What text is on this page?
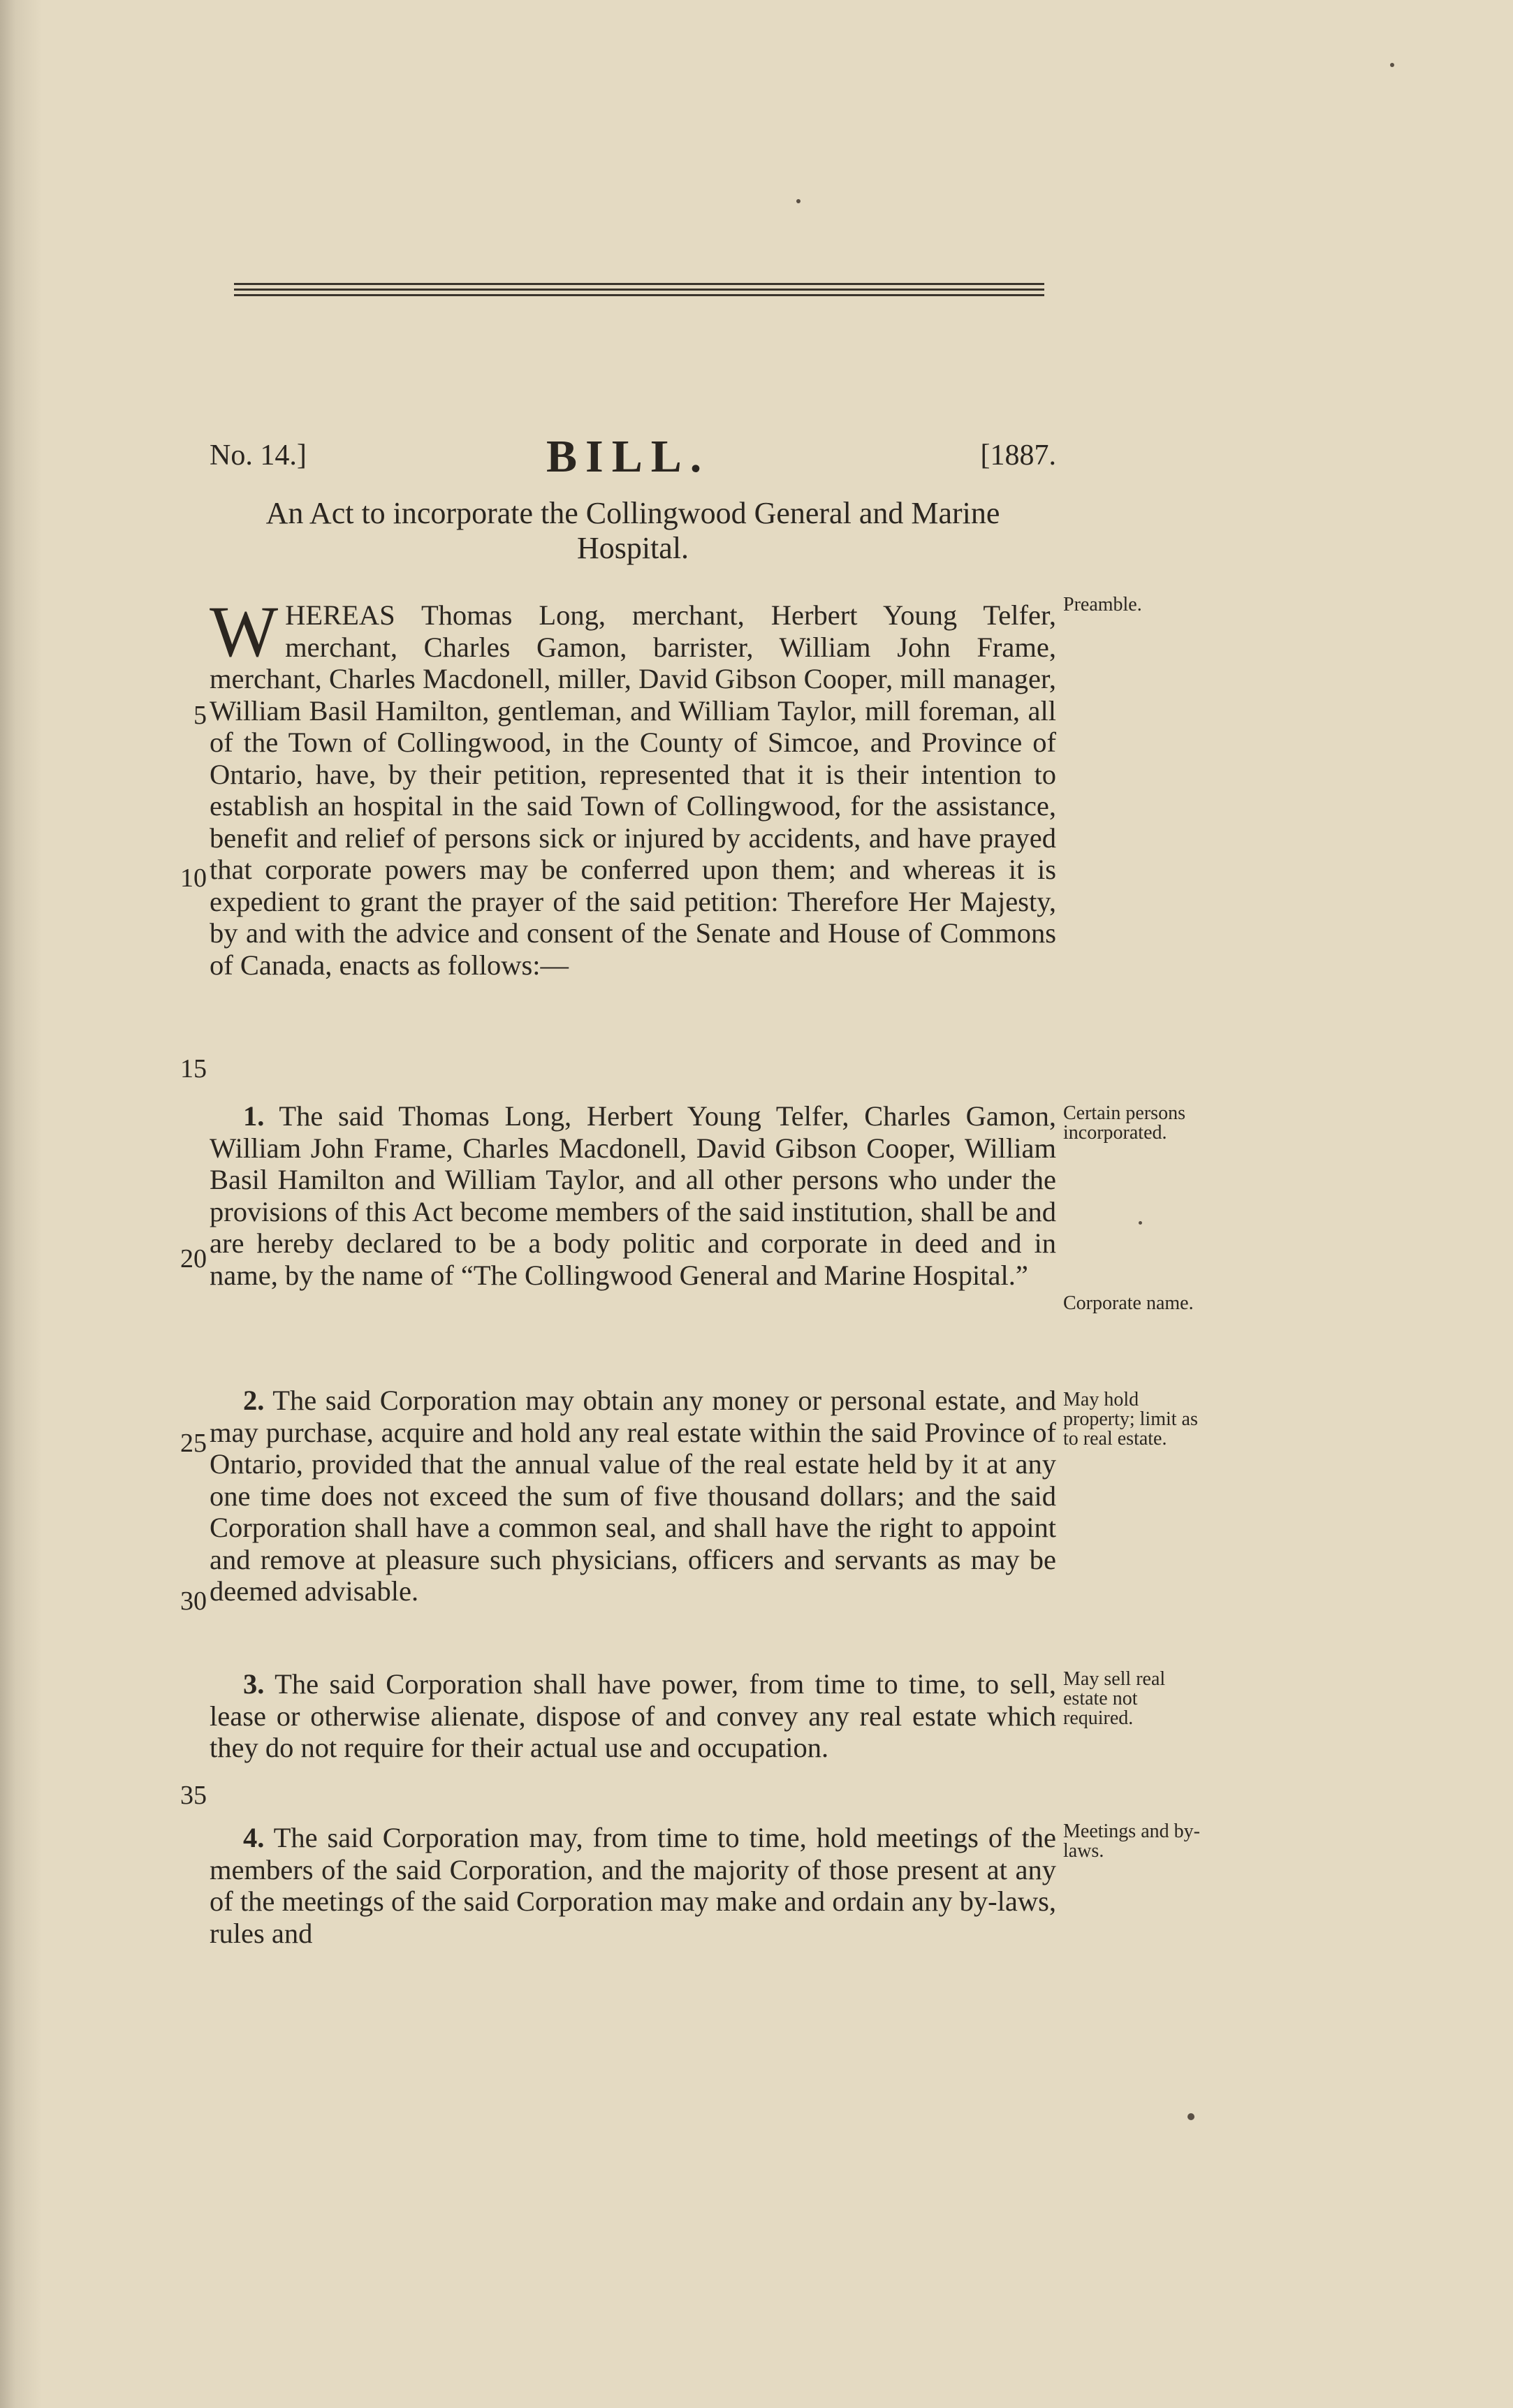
No. 14.]	BILL.	[1887.
An Act to incorporate the Collingwood General and Marine Hospital.

WHEREAS Thomas Long, merchant, Herbert Young Telfer, merchant, Charles Gamon, barrister, William John Frame, merchant, Charles Macdonell, miller, David Gibson Cooper, mill manager, William Basil Hamilton, gentleman, and William Taylor, mill foreman, all of the Town of Collingwood, in the County of Simcoe, and Province of Ontario, have, by their petition, represented that it is their intention to establish an hospital in the said Town of Collingwood, for the assistance, benefit and relief of persons sick or injured by accidents, and have prayed that corporate powers may be conferred upon them; and whereas it is expedient to grant the prayer of the said petition: Therefore Her Majesty, by and with the advice and consent of the Senate and House of Commons of Canada, enacts as follows:—

1. The said Thomas Long, Herbert Young Telfer, Charles Gamon, William John Frame, Charles Macdonell, David Gibson Cooper, William Basil Hamilton and William Taylor, and all other persons who under the provisions of this Act become members of the said institution, shall be and are hereby declared to be a body politic and corporate in deed and in name, by the name of “The Collingwood General and Marine Hospital.”

2. The said Corporation may obtain any money or personal estate, and may purchase, acquire and hold any real estate within the said Province of Ontario, provided that the annual value of the real estate held by it at any one time does not exceed the sum of five thousand dollars; and the said Corporation shall have a common seal, and shall have the right to appoint and remove at pleasure such physicians, officers and servants as may be deemed advisable.

3. The said Corporation shall have power, from time to time, to sell, lease or otherwise alienate, dispose of and convey any real estate which they do not require for their actual use and occupation.

4. The said Corporation may, from time to time, hold meetings of the members of the said Corporation, and the majority of those present at any of the meetings of the said Corporation may make and ordain any by-laws, rules and

5
10
15
20
25
30
35
Preamble.
Certain persons incorporated.
Corporate name.
May hold property; limit as to real estate.
May sell real estate not required.
Meetings and by-laws.
